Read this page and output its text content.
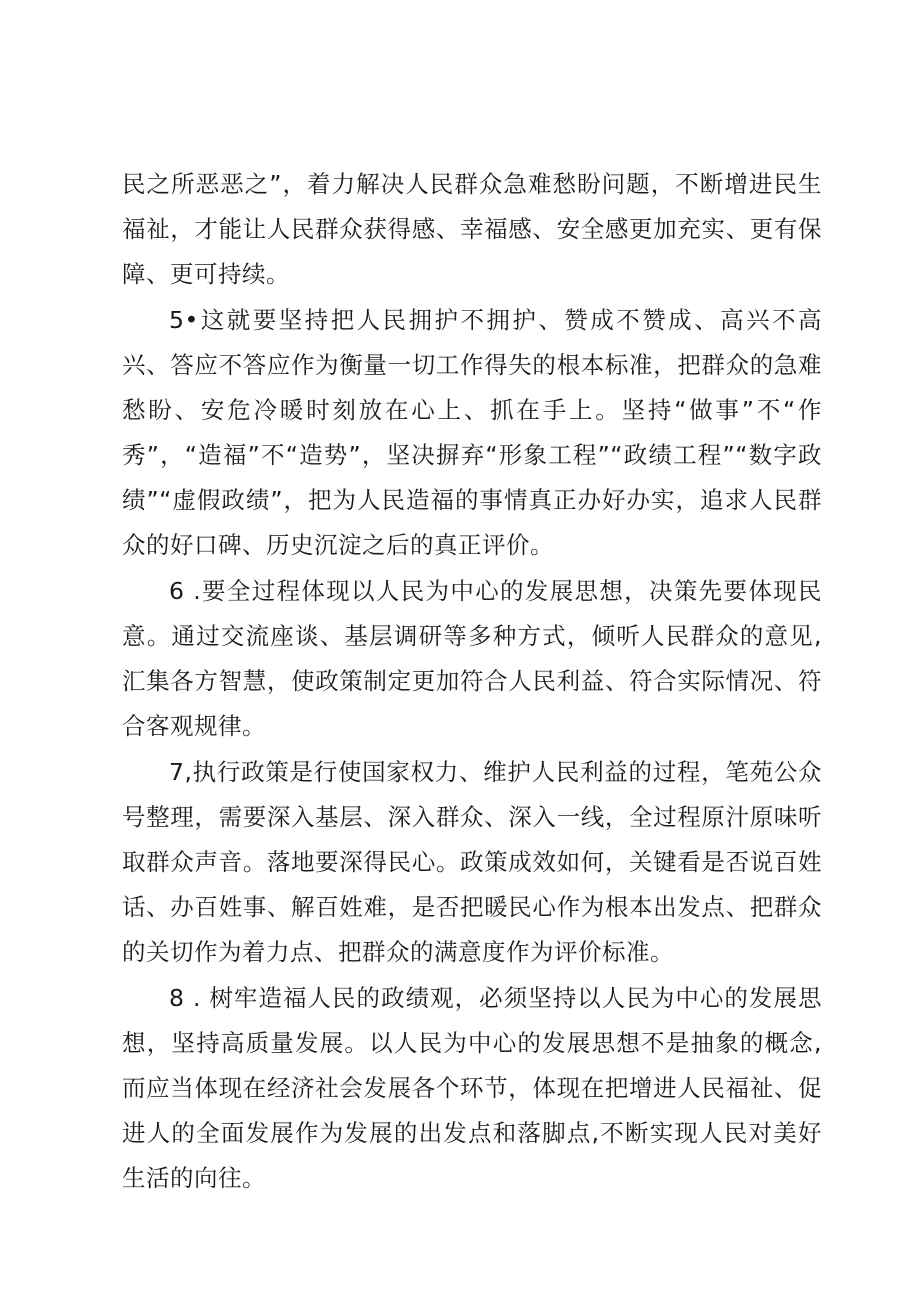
民之所恶恶之”，着力解决人民群众急难愁盼问题，不断增进民生福祉，才能让人民群众获得感、幸福感、安全感更加充实、更有保障、更可持续。

5•这就要坚持把人民拥护不拥护、赞成不赞成、高兴不高兴、答应不答应作为衡量一切工作得失的根本标准，把群众的急难愁盼、安危冷暖时刻放在心上、抓在手上。坚持“做事”不“作秀”，“造福”不“造势”，坚决摒弃“形象工程”“政绩工程”“数字政绩”“虚假政绩”，把为人民造福的事情真正办好办实，追求人民群众的好口碑、历史沉淀之后的真正评价。

6 .要全过程体现以人民为中心的发展思想，决策先要体现民意。通过交流座谈、基层调研等多种方式，倾听人民群众的意见,汇集各方智慧，使政策制定更加符合人民利益、符合实际情况、符合客观规律。

7,执行政策是行使国家权力、维护人民利益的过程，笔苑公众号整理，需要深入基层、深入群众、深入一线，全过程原汁原味听取群众声音。落地要深得民心。政策成效如何，关键看是否说百姓话、办百姓事、解百姓难，是否把暖民心作为根本出发点、把群众的关切作为着力点、把群众的满意度作为评价标准。

8 . 树牢造福人民的政绩观，必须坚持以人民为中心的发展思想，坚持高质量发展。以人民为中心的发展思想不是抽象的概念,而应当体现在经济社会发展各个环节，体现在把增进人民福祉、促进人的全面发展作为发展的出发点和落脚点,不断实现人民对美好生活的向往。
